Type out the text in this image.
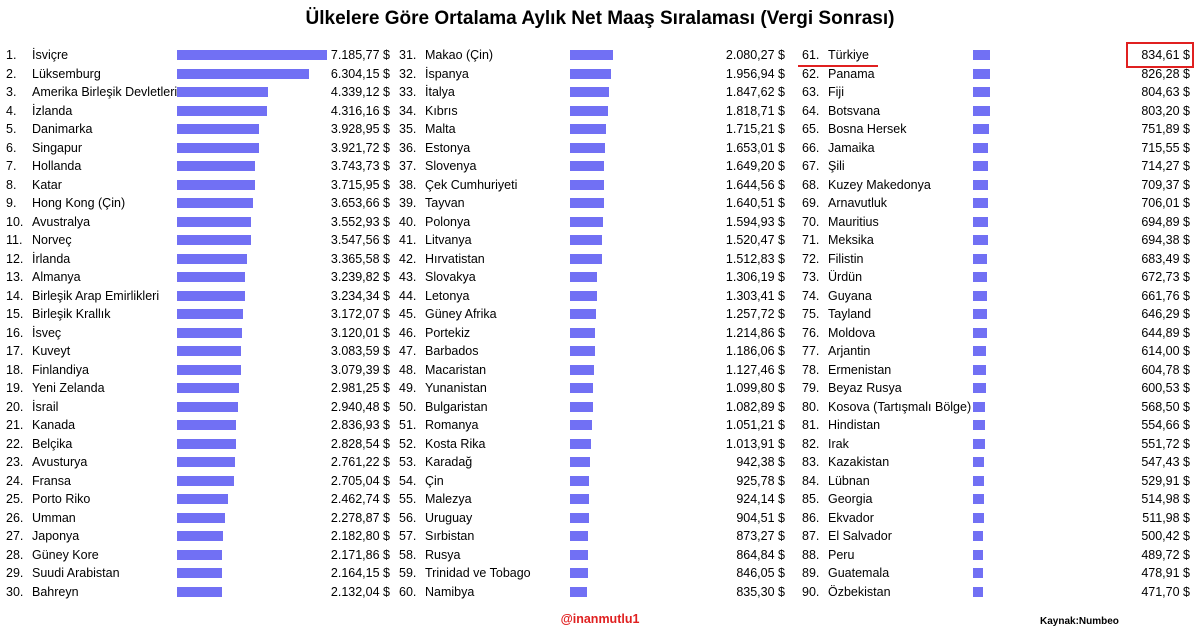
Ülkelere Göre Ortalama Aylık Net Maaş Sıralaması (Vergi Sonrası)
1. İsviçre	7.185,77 $
2. Lüksemburg	6.304,15 $
3. Amerika Birleşik Devletleri	4.339,12 $
4. İzlanda	4.316,16 $
5. Danimarka	3.928,95 $
6. Singapur	3.921,72 $
7. Hollanda	3.743,73 $
8. Katar	3.715,95 $
9. Hong Kong (Çin)	3.653,66 $
10. Avustralya	3.552,93 $
11. Norveç	3.547,56 $
12. İrlanda	3.365,58 $
13. Almanya	3.239,82 $
14. Birleşik Arap Emirlikleri	3.234,34 $
15. Birleşik Krallık	3.172,07 $
16. İsveç	3.120,01 $
17. Kuveyt	3.083,59 $
18. Finlandiya	3.079,39 $
19. Yeni Zelanda	2.981,25 $
20. İsrail	2.940,48 $
21. Kanada	2.836,93 $
22. Belçika	2.828,54 $
23. Avusturya	2.761,22 $
24. Fransa	2.705,04 $
25. Porto Riko	2.462,74 $
26. Umman	2.278,87 $
27. Japonya	2.182,80 $
28. Güney Kore	2.171,86 $
29. Suudi Arabistan	2.164,15 $
30. Bahreyn	2.132,04 $
31. Makao (Çin)	2.080,27 $
32. İspanya	1.956,94 $
33. İtalya	1.847,62 $
34. Kıbrıs	1.818,71 $
35. Malta	1.715,21 $
36. Estonya	1.653,01 $
37. Slovenya	1.649,20 $
38. Çek Cumhuriyeti	1.644,56 $
39. Tayvan	1.640,51 $
40. Polonya	1.594,93 $
41. Litvanya	1.520,47 $
42. Hırvatistan	1.512,83 $
43. Slovakya	1.306,19 $
44. Letonya	1.303,41 $
45. Güney Afrika	1.257,72 $
46. Portekiz	1.214,86 $
47. Barbados	1.186,06 $
48. Macaristan	1.127,46 $
49. Yunanistan	1.099,80 $
50. Bulgaristan	1.082,89 $
51. Romanya	1.051,21 $
52. Kosta Rika	1.013,91 $
53. Karadağ	942,38 $
54. Çin	925,78 $
55. Malezya	924,14 $
56. Uruguay	904,51 $
57. Sırbistan	873,27 $
58. Rusya	864,84 $
59. Trinidad ve Tobago	846,05 $
60. Namibya	835,30 $
61. Türkiye	834,61 $
62. Panama	826,28 $
63. Fiji	804,63 $
64. Botsvana	803,20 $
65. Bosna Hersek	751,89 $
66. Jamaika	715,55 $
67. Şili	714,27 $
68. Kuzey Makedonya	709,37 $
69. Arnavutluk	706,01 $
70. Mauritius	694,89 $
71. Meksika	694,38 $
72. Filistin	683,49 $
73. Ürdün	672,73 $
74. Guyana	661,76 $
75. Tayland	646,29 $
76. Moldova	644,89 $
77. Arjantin	614,00 $
78. Ermenistan	604,78 $
79. Beyaz Rusya	600,53 $
80. Kosova (Tartışmalı Bölge)	568,50 $
81. Hindistan	554,66 $
82. Irak	551,72 $
83. Kazakistan	547,43 $
84. Lübnan	529,91 $
85. Georgia	514,98 $
86. Ekvador	511,98 $
87. El Salvador	500,42 $
88. Peru	489,72 $
89. Guatemala	478,91 $
90. Özbekistan	471,70 $
@inanmutlu1	Kaynak:Numbeo
